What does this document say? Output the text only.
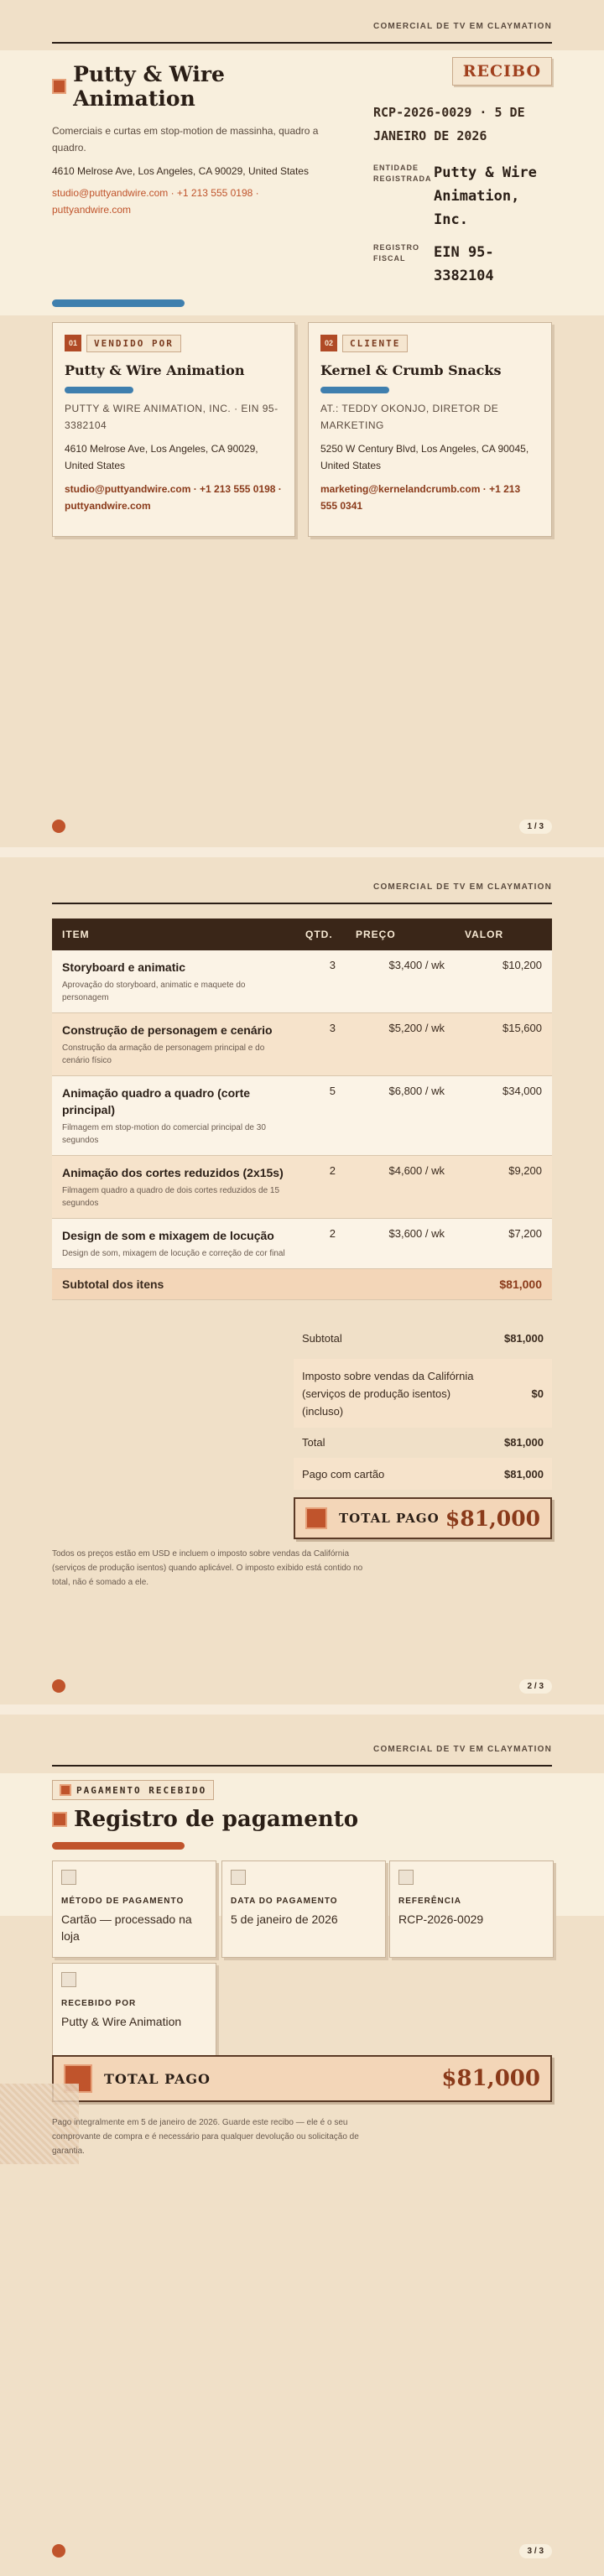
COMERCIAL DE TV EM CLAYMATION
Putty & Wire Animation
Comerciais e curtas em stop-motion de massinha, quadro a quadro.
4610 Melrose Ave, Los Angeles, CA 90029, United States
studio@puttyandwire.com · +1 213 555 0198 · puttyandwire.com
RECIBO
RCP-2026-0029 · 5 DE JANEIRO DE 2026
ENTIDADE REGISTRADA Putty & Wire Animation, Inc.
REGISTRO FISCAL	EIN 95-3382104
01 VENDIDO POR
Putty & Wire Animation
PUTTY & WIRE ANIMATION, INC. · EIN 95-3382104
4610 Melrose Ave, Los Angeles, CA 90029, United States
studio@puttyandwire.com · +1 213 555 0198 · puttyandwire.com
02 CLIENTE
Kernel & Crumb Snacks
AT.: TEDDY OKONJO, DIRETOR DE MARKETING
5250 W Century Blvd, Los Angeles, CA 90045, United States
marketing@kernelandcrumb.com · +1 213 555 0341
1 / 3
COMERCIAL DE TV EM CLAYMATION
ITEM	QTD.	PREÇO	VALOR

Storyboard e animatic
Aprovação do storyboard, animatic e maquete do personagem	3	$3,400 / wk	$10,200

Construção de personagem e cenário
Construção da armação de personagem principal e do cenário físico	3	$5,200 / wk	$15,600

Animação quadro a quadro (corte principal)
Filmagem em stop-motion do comercial principal de 30 segundos	5	$6,800 / wk	$34,000

Animação dos cortes reduzidos (2x15s)
Filmagem quadro a quadro de dois cortes reduzidos de 15 segundos	2	$4,600 / wk	$9,200

Design de som e mixagem de locução
Design de som, mixagem de locução e correção de cor final	2	$3,600 / wk	$7,200
Subtotal dos itens			$81,000
Subtotal	$81,000
Imposto sobre vendas da Califórnia (serviços de produção isentos) (incluso)
$0
Total	$81,000
Pago com cartão	$81,000
TOTAL PAGO $81,000
Todos os preços estão em USD e incluem o imposto sobre vendas da Califórnia (serviços de produção isentos) quando aplicável. O imposto exibido está contido no total, não é somado a ele.
2 / 3
COMERCIAL DE TV EM CLAYMATION
PAGAMENTO RECEBIDO
Registro de pagamento
MÉTODO DE PAGAMENTO
Cartão — processado na loja
DATA DO PAGAMENTO
5 de janeiro de 2026
REFERÊNCIA
RCP-2026-0029
RECEBIDO POR
Putty & Wire Animation
TOTAL PAGO	$81,000
Pago integralmente em 5 de janeiro de 2026. Guarde este recibo — ele é o seu comprovante de compra e é necessário para qualquer devolução ou solicitação de garantia.
3 / 3
